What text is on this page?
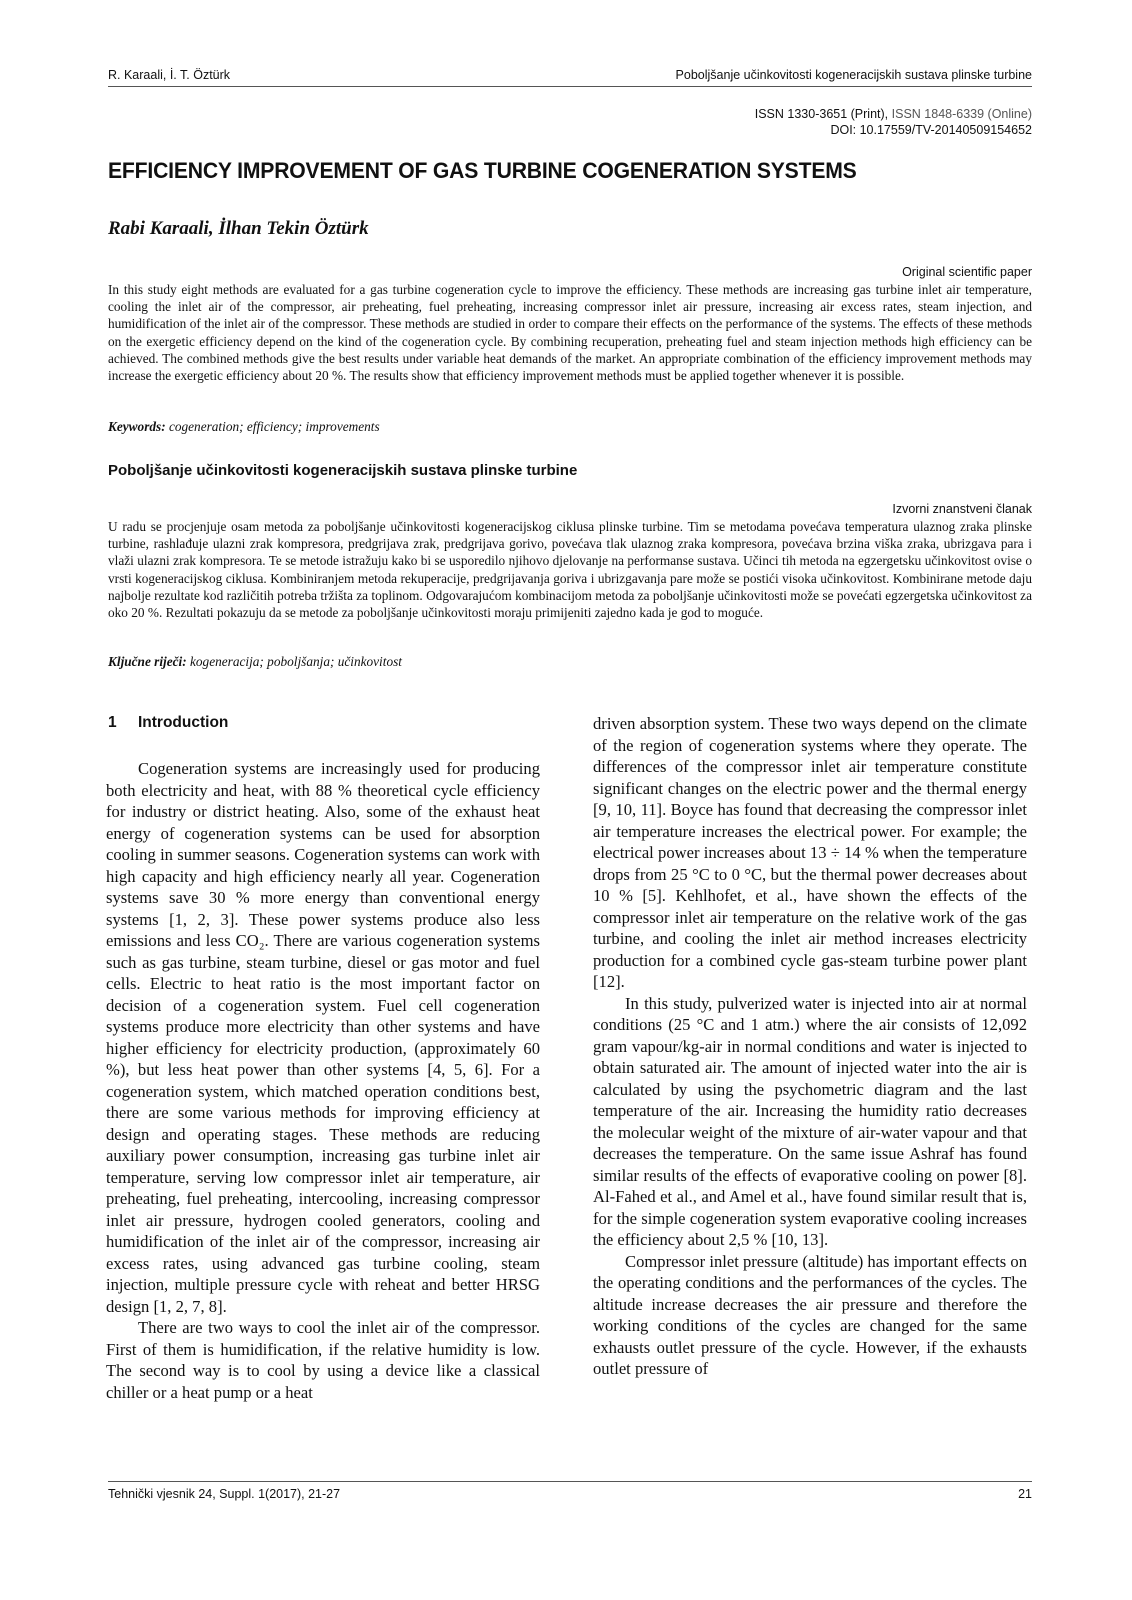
R. Karaali, İ. T. Öztürk	Poboljšanje učinkovitosti kogeneracijskih sustava plinske turbine
ISSN 1330-3651 (Print), ISSN 1848-6339 (Online)
DOI: 10.17559/TV-20140509154652
EFFICIENCY IMPROVEMENT OF GAS TURBINE COGENERATION SYSTEMS
Rabi Karaali, İlhan Tekin Öztürk
Original scientific paper

In this study eight methods are evaluated for a gas turbine cogeneration cycle to improve the efficiency. These methods are increasing gas turbine inlet air temperature, cooling the inlet air of the compressor, air preheating, fuel preheating, increasing compressor inlet air pressure, increasing air excess rates, steam injection, and humidification of the inlet air of the compressor. These methods are studied in order to compare their effects on the performance of the systems. The effects of these methods on the exergetic efficiency depend on the kind of the cogeneration cycle. By combining recuperation, preheating fuel and steam injection methods high efficiency can be achieved. The combined methods give the best results under variable heat demands of the market. An appropriate combination of the efficiency improvement methods may increase the exergetic efficiency about 20 %. The results show that efficiency improvement methods must be applied together whenever it is possible.

Keywords: cogeneration; efficiency; improvements
Poboljšanje učinkovitosti kogeneracijskih sustava plinske turbine
Izvorni znanstveni članak

U radu se procjenjuje osam metoda za poboljšanje učinkovitosti kogeneracijskog ciklusa plinske turbine. Tim se metodama povećava temperatura ulaznog zraka plinske turbine, rashlađuje ulazni zrak kompresora, predgrijava zrak, predgrijava gorivo, povećava tlak ulaznog zraka kompresora, povećava brzina viška zraka, ubrizgava para i vlaži ulazni zrak kompresora. Te se metode istražuju kako bi se usporedilo njihovo djelovanje na performanse sustava. Učinci tih metoda na egzergetsku učinkovitost ovise o vrsti kogeneracijskog ciklusa. Kombiniranjem metoda rekuperacije, predgrijavanja goriva i ubrizgavanja pare može se postići visoka učinkovitost. Kombinirane metode daju najbolje rezultate kod različitih potreba tržišta za toplinom. Odgovarajućom kombinacijom metoda za poboljšanje učinkovitosti može se povećati egzergetska učinkovitost za oko 20 %. Rezultati pokazuju da se metode za poboljšanje učinkovitosti moraju primijeniti zajedno kada je god to moguće.

Ključne riječi: kogeneracija; poboljšanja; učinkovitost
1 Introduction

Cogeneration systems are increasingly used for producing both electricity and heat, with 88 % theoretical cycle efficiency for industry or district heating. Also, some of the exhaust heat energy of cogeneration systems can be used for absorption cooling in summer seasons. Cogeneration systems can work with high capacity and high efficiency nearly all year. Cogeneration systems save 30 % more energy than conventional energy systems [1, 2, 3]. These power systems produce also less emissions and less CO₂. There are various cogeneration systems such as gas turbine, steam turbine, diesel or gas motor and fuel cells. Electric to heat ratio is the most important factor on decision of a cogeneration system. Fuel cell cogeneration systems produce more electricity than other systems and have higher efficiency for electricity production, (approximately 60 %), but less heat power than other systems [4, 5, 6]. For a cogeneration system, which matched operation conditions best, there are some various methods for improving efficiency at design and operating stages. These methods are reducing auxiliary power consumption, increasing gas turbine inlet air temperature, serving low compressor inlet air temperature, air preheating, fuel preheating, intercooling, increasing compressor inlet air pressure, hydrogen cooled generators, cooling and humidification of the inlet air of the compressor, increasing air excess rates, using advanced gas turbine cooling, steam injection, multiple pressure cycle with reheat and better HRSG design [1, 2, 7, 8].

There are two ways to cool the inlet air of the compressor. First of them is humidification, if the relative humidity is low. The second way is to cool by using a device like a classical chiller or a heat pump or a heat

driven absorption system. These two ways depend on the climate of the region of cogeneration systems where they operate. The differences of the compressor inlet air temperature constitute significant changes on the electric power and the thermal energy [9, 10, 11]. Boyce has found that decreasing the compressor inlet air temperature increases the electrical power. For example; the electrical power increases about 13 ÷ 14 % when the temperature drops from 25 °C to 0 °C, but the thermal power decreases about 10 % [5]. Kehlhofet, et al., have shown the effects of the compressor inlet air temperature on the relative work of the gas turbine, and cooling the inlet air method increases electricity production for a combined cycle gas-steam turbine power plant [12].

In this study, pulverized water is injected into air at normal conditions (25 °C and 1 atm.) where the air consists of 12,092 gram vapour/kg-air in normal conditions and water is injected to obtain saturated air. The amount of injected water into the air is calculated by using the psychometric diagram and the last temperature of the air. Increasing the humidity ratio decreases the molecular weight of the mixture of air-water vapour and that decreases the temperature. On the same issue Ashraf has found similar results of the effects of evaporative cooling on power [8]. Al-Fahed et al., and Amel et al., have found similar result that is, for the simple cogeneration system evaporative cooling increases the efficiency about 2,5 % [10, 13].

Compressor inlet pressure (altitude) has important effects on the operating conditions and the performances of the cycles. The altitude increase decreases the air pressure and therefore the working conditions of the cycles are changed for the same exhausts outlet pressure of the cycle. However, if the exhausts outlet pressure of

Tehnički vjesnik 24, Suppl. 1(2017), 21-27	21
